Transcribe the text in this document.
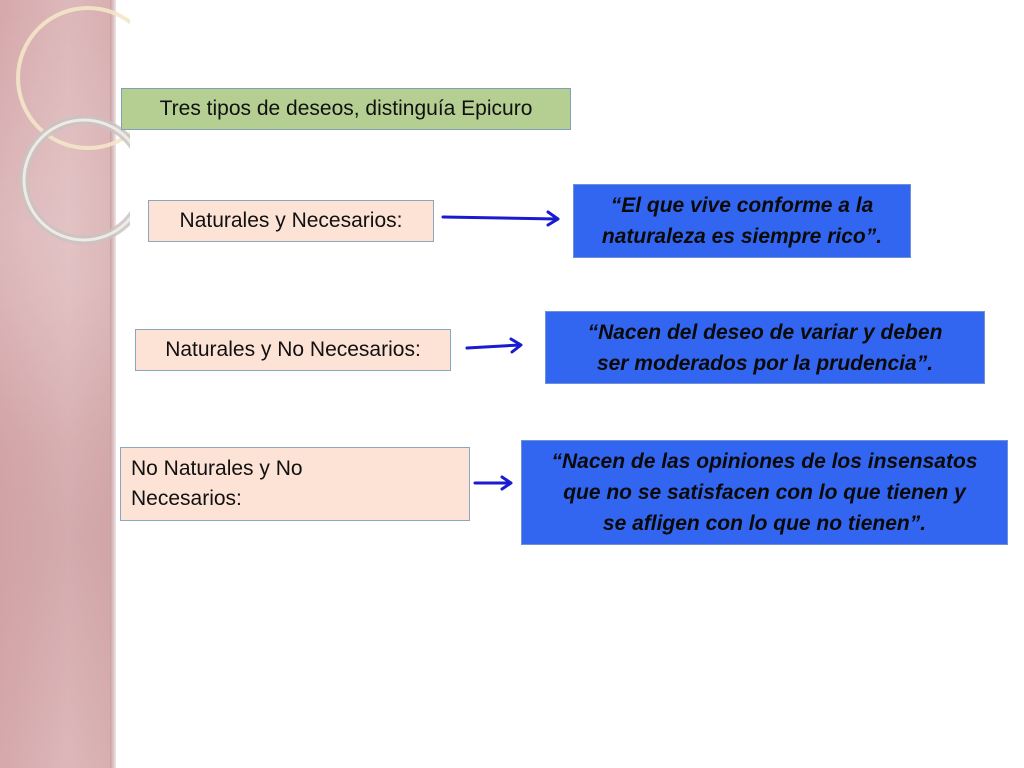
Tres tipos de deseos, distinguía Epicuro
Naturales y Necesarios:
“El que vive conforme a la
naturaleza es siempre rico”.
Naturales y No Necesarios:
“Nacen del deseo de variar y deben
ser moderados por la prudencia”.
No Naturales y No
Necesarios:
“Nacen de las opiniones de los insensatos
que no se satisfacen con lo que tienen y
se afligen con lo que no tienen”.
